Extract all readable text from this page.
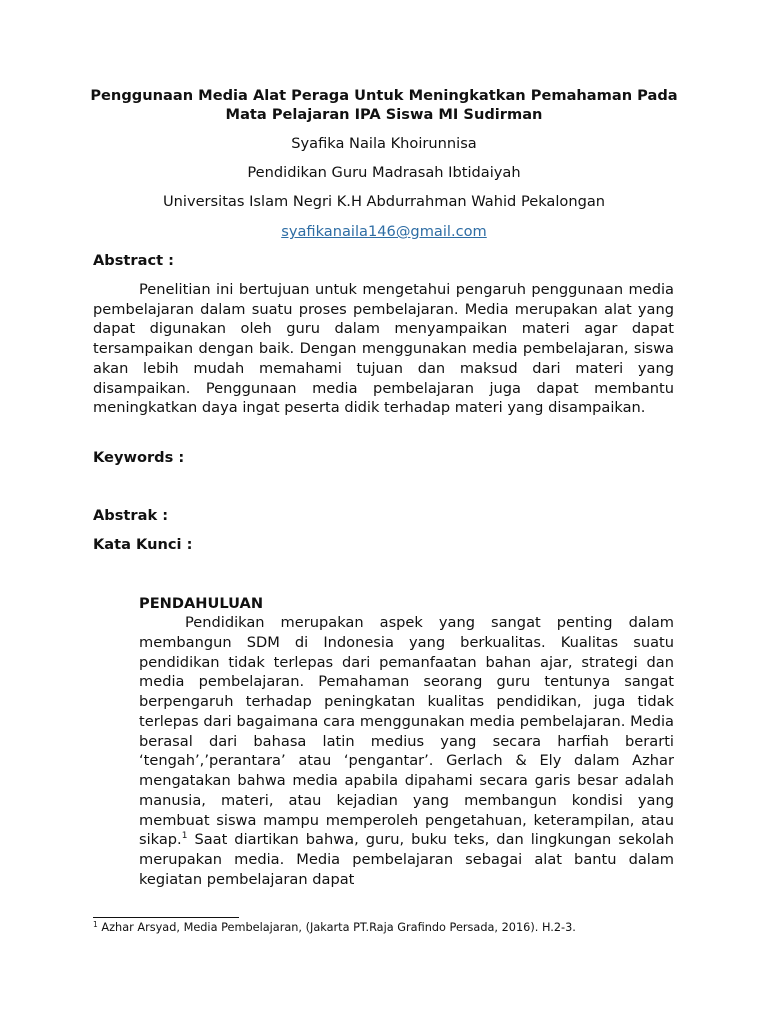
Penggunaan Media Alat Peraga Untuk Meningkatkan Pemahaman Pada Mata Pelajaran IPA Siswa MI Sudirman

Syafika Naila Khoirunnisa

Pendidikan Guru Madrasah Ibtidaiyah

Universitas Islam Negri K.H Abdurrahman Wahid Pekalongan

syafikanaila146@gmail.com

Abstract :

Penelitian ini bertujuan untuk mengetahui pengaruh penggunaan media pembelajaran dalam suatu proses pembelajaran. Media merupakan alat yang dapat digunakan oleh guru dalam menyampaikan materi agar dapat tersampaikan dengan baik. Dengan menggunakan media pembelajaran, siswa akan lebih mudah memahami tujuan dan maksud dari materi yang disampaikan. Penggunaan media pembelajaran juga dapat membantu meningkatkan daya ingat peserta didik terhadap materi yang disampaikan.

Keywords :

Abstrak :

Kata Kunci :

PENDAHULUAN

Pendidikan merupakan aspek yang sangat penting dalam membangun SDM di Indonesia yang berkualitas. Kualitas suatu pendidikan tidak terlepas dari pemanfaatan bahan ajar, strategi dan media pembelajaran. Pemahaman seorang guru tentunya sangat berpengaruh terhadap peningkatan kualitas pendidikan, juga tidak terlepas dari bagaimana cara menggunakan media pembelajaran. Media berasal dari bahasa latin medius yang secara harfiah berarti ‘tengah’,’perantara’ atau ‘pengantar’. Gerlach & Ely dalam Azhar mengatakan bahwa media apabila dipahami secara garis besar adalah manusia, materi, atau kejadian yang membangun kondisi yang membuat siswa mampu memperoleh pengetahuan, keterampilan, atau sikap.$^1$ Saat diartikan bahwa, guru, buku teks, dan lingkungan sekolah merupakan media. Media pembelajaran sebagai alat bantu dalam kegiatan pembelajaran dapat

$^1$ Azhar Arsyad, Media Pembelajaran, (Jakarta PT.Raja Grafindo Persada, 2016). H.2-3.
